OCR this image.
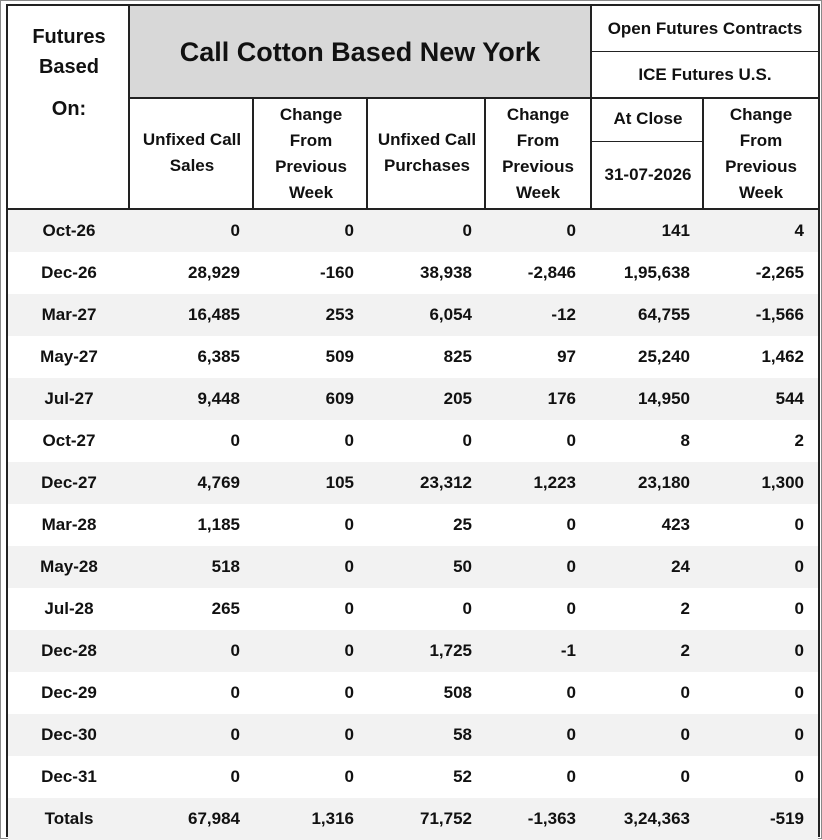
Futures
Based
On:
Call Cotton Based New York
Open Futures Contracts
ICE Futures U.S.
Unfixed Call
Sales
Change
From
Previous
Week
Unfixed Call
Purchases
Change
From
Previous
Week
At Close
31-07-2026
Change
From
Previous
Week
Oct-26	0	0	0	0	141	4
Dec-26	28,929	-160	38,938	-2,846	1,95,638	-2,265
Mar-27	16,485	253	6,054	-12	64,755	-1,566
May-27	6,385	509	825	97	25,240	1,462
Jul-27	9,448	609	205	176	14,950	544
Oct-27	0	0	0	0	8	2
Dec-27	4,769	105	23,312	1,223	23,180	1,300
Mar-28	1,185	0	25	0	423	0
May-28	518	0	50	0	24	0
Jul-28	265	0	0	0	2	0
Dec-28	0	0	1,725	-1	2	0
Dec-29	0	0	508	0	0	0
Dec-30	0	0	58	0	0	0
Dec-31	0	0	52	0	0	0
Totals	67,984	1,316	71,752	-1,363	3,24,363	-519
